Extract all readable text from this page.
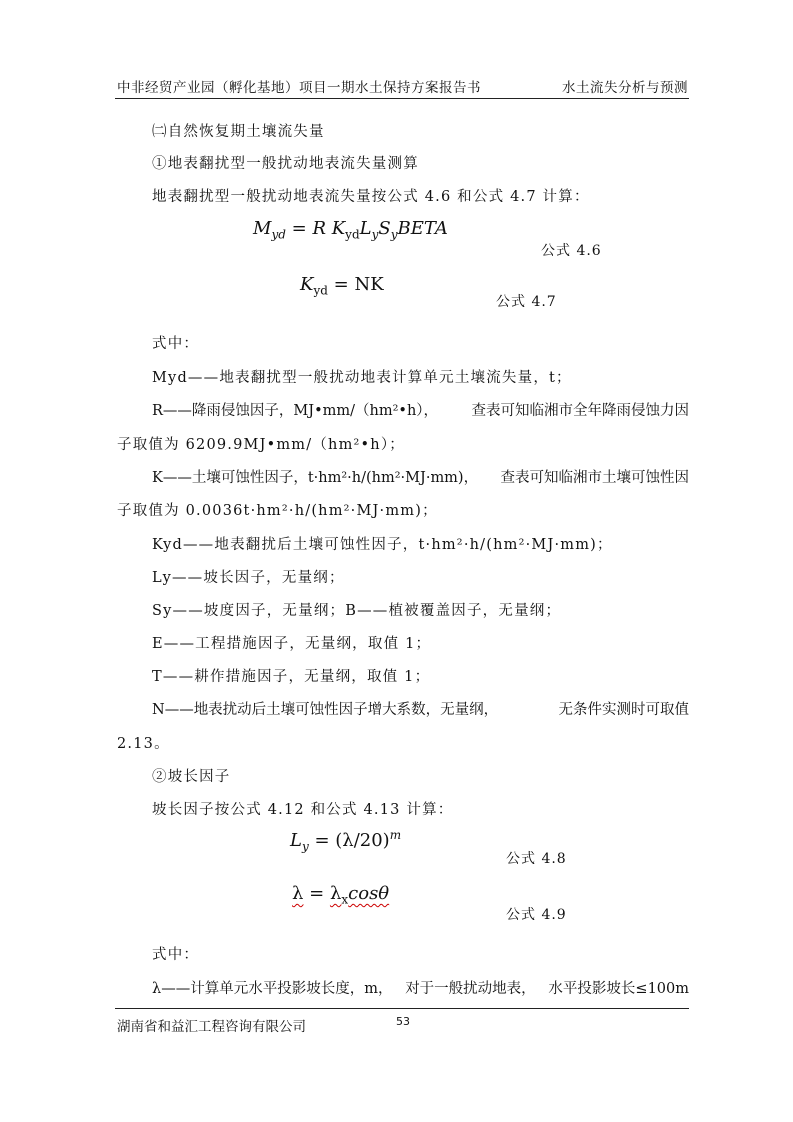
中非经贸产业园（孵化基地）项目一期水土保持方案报告书	水土流失分析与预测
㈡自然恢复期土壤流失量
①地表翻扰型一般扰动地表流失量测算
地表翻扰型一般扰动地表流失量按公式 4.6 和公式 4.7 计算：
$M_{yd} = R$ $K_{yd}L_yS_yBETA$
公式 4.6
$K_{yd}$ = NK
公式 4.7
式中：
Myd——地表翻扰型一般扰动地表计算单元土壤流失量，t；
R——降雨侵蚀因子，MJ•mm/（hm²•h）， 查表可知临湘市全年降雨侵蚀力因
子取值为 6209.9MJ•mm/（hm²•h）；
K——土壤可蚀性因子，t·hm²·h/(hm²·MJ·mm)， 查表可知临湘市土壤可蚀性因
子取值为 0.0036t·hm²·h/(hm²·MJ·mm)；
Kyd——地表翻扰后土壤可蚀性因子，t·hm²·h/(hm²·MJ·mm)；
Ly——坡长因子，无量纲；
Sy——坡度因子，无量纲；B——植被覆盖因子，无量纲；
E——工程措施因子，无量纲，取值 1；
T——耕作措施因子，无量纲，取值 1；
N——地表扰动后土壤可蚀性因子增大系数，无量纲，	无条件实测时可取值
2.13。
②坡长因子
坡长因子按公式 4.12 和公式 4.13 计算：
$L_y = (\lambda/20)^m$
公式 4.8
$\lambda = \lambda_x\cos\theta$
公式 4.9
式中：
λ——计算单元水平投影坡长度，m， 对于一般扰动地表， 水平投影坡长≤100m
湖南省和益汇工程咨询有限公司	53
